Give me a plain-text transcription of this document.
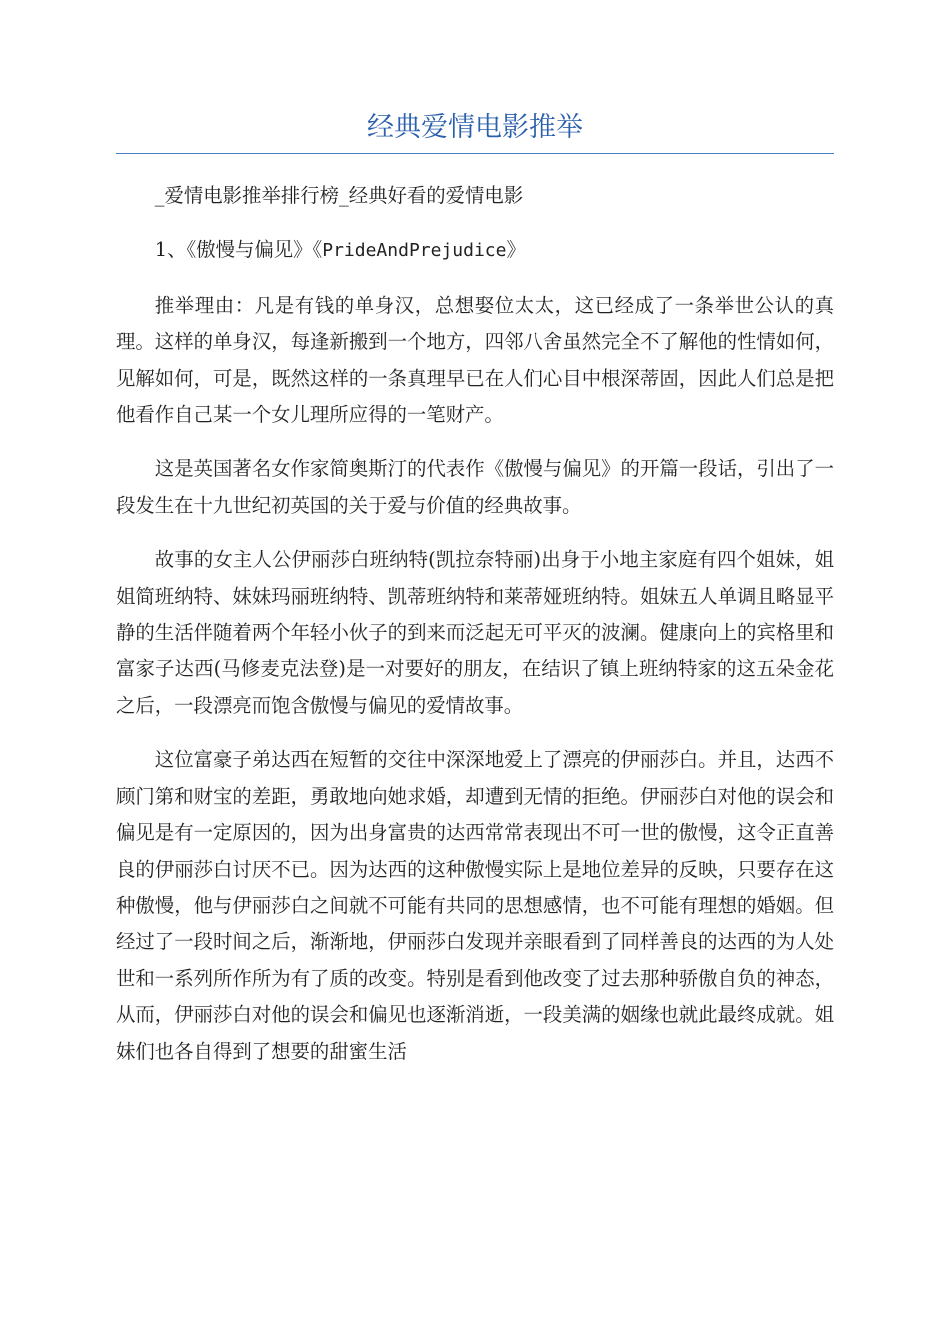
经典爱情电影推举

_爱情电影推举排行榜_经典好看的爱情电影

1、《傲慢与偏见》《PrideAndPrejudice》

推举理由：凡是有钱的单身汉，总想娶位太太，这已经成了一条举世公认的真理。这样的单身汉，每逢新搬到一个地方，四邻八舍虽然完全不了解他的性情如何，见解如何，可是，既然这样的一条真理早已在人们心目中根深蒂固，因此人们总是把他看作自己某一个女儿理所应得的一笔财产。

这是英国著名女作家简奥斯汀的代表作《傲慢与偏见》的开篇一段话，引出了一段发生在十九世纪初英国的关于爱与价值的经典故事。

故事的女主人公伊丽莎白班纳特(凯拉奈特丽)出身于小地主家庭有四个姐妹，姐姐简班纳特、妹妹玛丽班纳特、凯蒂班纳特和莱蒂娅班纳特。姐妹五人单调且略显平静的生活伴随着两个年轻小伙子的到来而泛起无可平灭的波澜。健康向上的宾格里和富家子达西(马修麦克法登)是一对要好的朋友，在结识了镇上班纳特家的这五朵金花之后，一段漂亮而饱含傲慢与偏见的爱情故事。

这位富豪子弟达西在短暂的交往中深深地爱上了漂亮的伊丽莎白。并且，达西不顾门第和财宝的差距，勇敢地向她求婚，却遭到无情的拒绝。伊丽莎白对他的误会和偏见是有一定原因的，因为出身富贵的达西常常表现出不可一世的傲慢，这令正直善良的伊丽莎白讨厌不已。因为达西的这种傲慢实际上是地位差异的反映，只要存在这种傲慢，他与伊丽莎白之间就不可能有共同的思想感情，也不可能有理想的婚姻。但经过了一段时间之后，渐渐地，伊丽莎白发现并亲眼看到了同样善良的达西的为人处世和一系列所作所为有了质的改变。特别是看到他改变了过去那种骄傲自负的神态，从而，伊丽莎白对他的误会和偏见也逐渐消逝，一段美满的姻缘也就此最终成就。姐妹们也各自得到了想要的甜蜜生活
